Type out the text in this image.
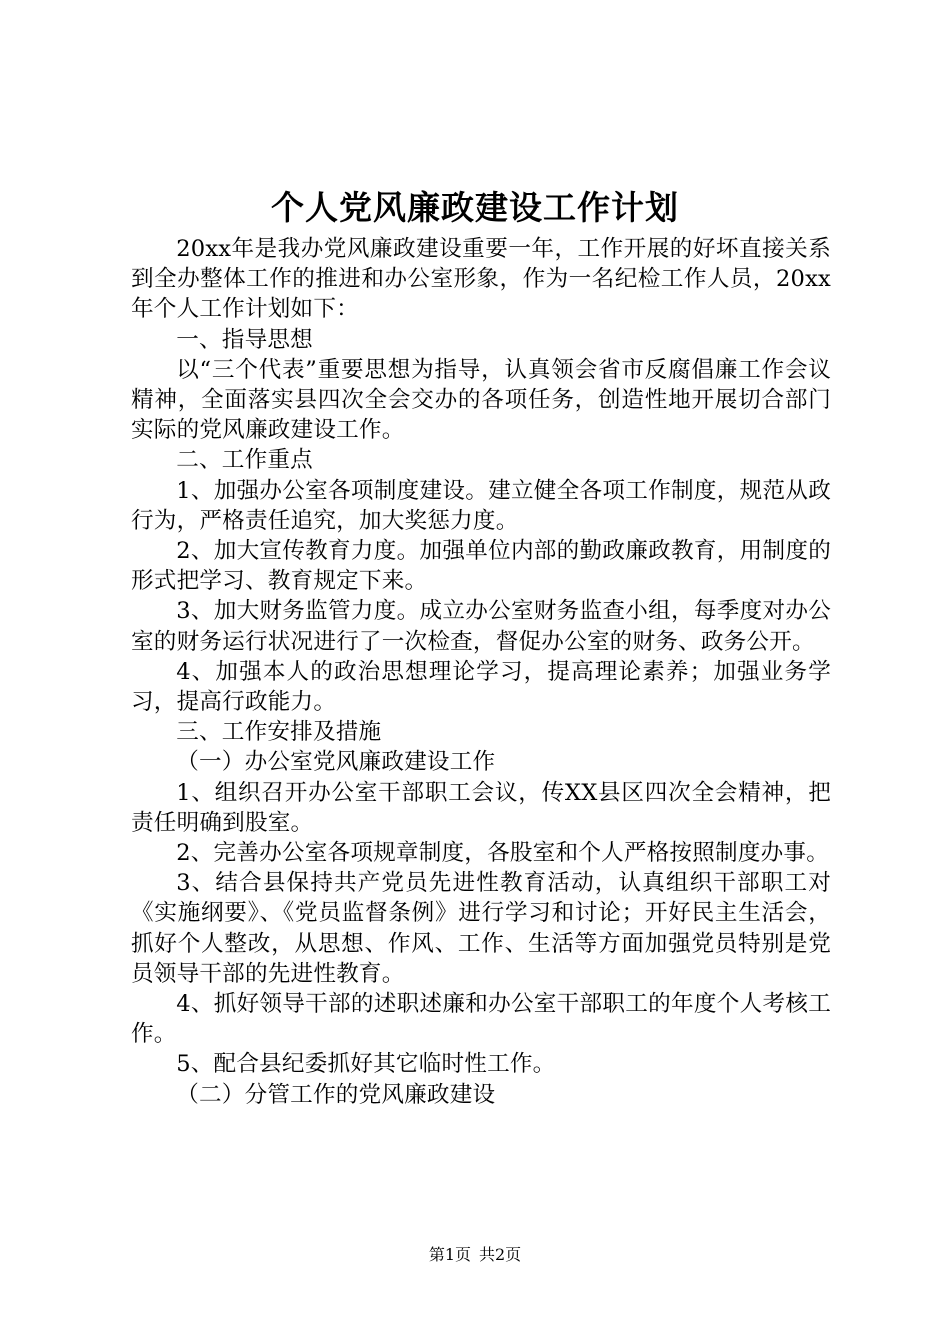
个人党风廉政建设工作计划

20xx年是我办党风廉政建设重要一年，工作开展的好坏直接关系到全办整体工作的推进和办公室形象，作为一名纪检工作人员，20xx年个人工作计划如下：

一、指导思想

以“三个代表”重要思想为指导，认真领会省市反腐倡廉工作会议精神，全面落实县四次全会交办的各项任务，创造性地开展切合部门实际的党风廉政建设工作。

二、工作重点

1、加强办公室各项制度建设。建立健全各项工作制度，规范从政行为，严格责任追究，加大奖惩力度。

2、加大宣传教育力度。加强单位内部的勤政廉政教育，用制度的形式把学习、教育规定下来。

3、加大财务监管力度。成立办公室财务监查小组，每季度对办公室的财务运行状况进行了一次检查，督促办公室的财务、政务公开。

4、加强本人的政治思想理论学习，提高理论素养；加强业务学习，提高行政能力。

三、工作安排及措施

（一）办公室党风廉政建设工作

1、组织召开办公室干部职工会议，传XX县区四次全会精神，把责任明确到股室。

2、完善办公室各项规章制度，各股室和个人严格按照制度办事。

3、结合县保持共产党员先进性教育活动，认真组织干部职工对《实施纲要》、《党员监督条例》进行学习和讨论；开好民主生活会，抓好个人整改，从思想、作风、工作、生活等方面加强党员特别是党员领导干部的先进性教育。

4、抓好领导干部的述职述廉和办公室干部职工的年度个人考核工作。

5、配合县纪委抓好其它临时性工作。

（二）分管工作的党风廉政建设

第1页 共2页
